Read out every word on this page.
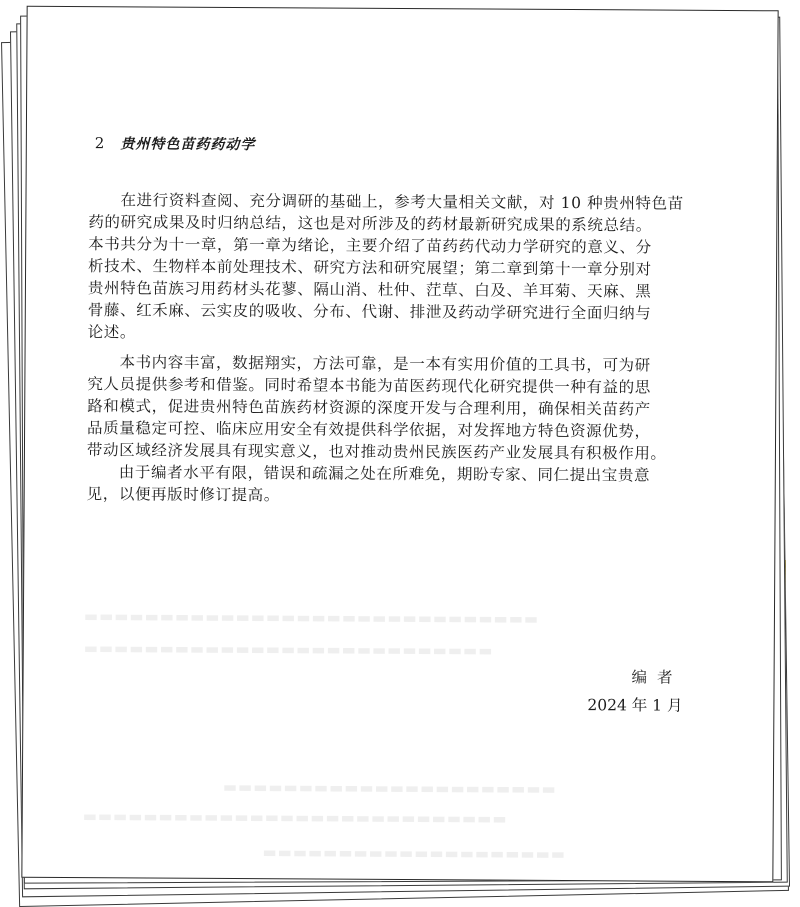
2 贵州特色苗药药动学
在进行资料查阅、充分调研的基础上，参考大量相关文献，对 10 种贵州特色苗
药的研究成果及时归纳总结，这也是对所涉及的药材最新研究成果的系统总结。
本书共分为十一章，第一章为绪论，主要介绍了苗药药代动力学研究的意义、分
析技术、生物样本前处理技术、研究方法和研究展望；第二章到第十一章分别对
贵州特色苗族习用药材头花蓼、隔山消、杜仲、茳草、白及、羊耳菊、天麻、黑
骨藤、红禾麻、云实皮的吸收、分布、代谢、排泄及药动学研究进行全面归纳与
论述。
本书内容丰富，数据翔实，方法可靠，是一本有实用价值的工具书，可为研
究人员提供参考和借鉴。同时希望本书能为苗医药现代化研究提供一种有益的思
路和模式，促进贵州特色苗族药材资源的深度开发与合理利用，确保相关苗药产
品质量稳定可控、临床应用安全有效提供科学依据，对发挥地方特色资源优势，
带动区域经济发展具有现实意义，也对推动贵州民族医药产业发展具有积极作用。
由于编者水平有限，错误和疏漏之处在所难免，期盼专家、同仁提出宝贵意
见，以便再版时修订提高。
▬▬▬▬▬▬▬▬▬▬▬▬▬▬▬▬▬▬▬▬▬▬▬▬▬▬▬▬▬▬
▬▬▬▬▬▬▬▬▬▬▬▬▬▬▬▬▬▬▬▬▬▬▬▬▬▬▬
▬▬▬▬▬▬▬▬▬▬▬▬▬▬▬▬▬▬▬▬▬▬
▬▬▬▬▬▬▬▬▬▬▬▬▬▬▬▬▬▬▬▬▬▬▬▬▬▬▬▬
▬▬▬▬▬▬▬▬▬▬▬▬▬▬▬▬▬▬▬▬
编者
2024 年 1 月
